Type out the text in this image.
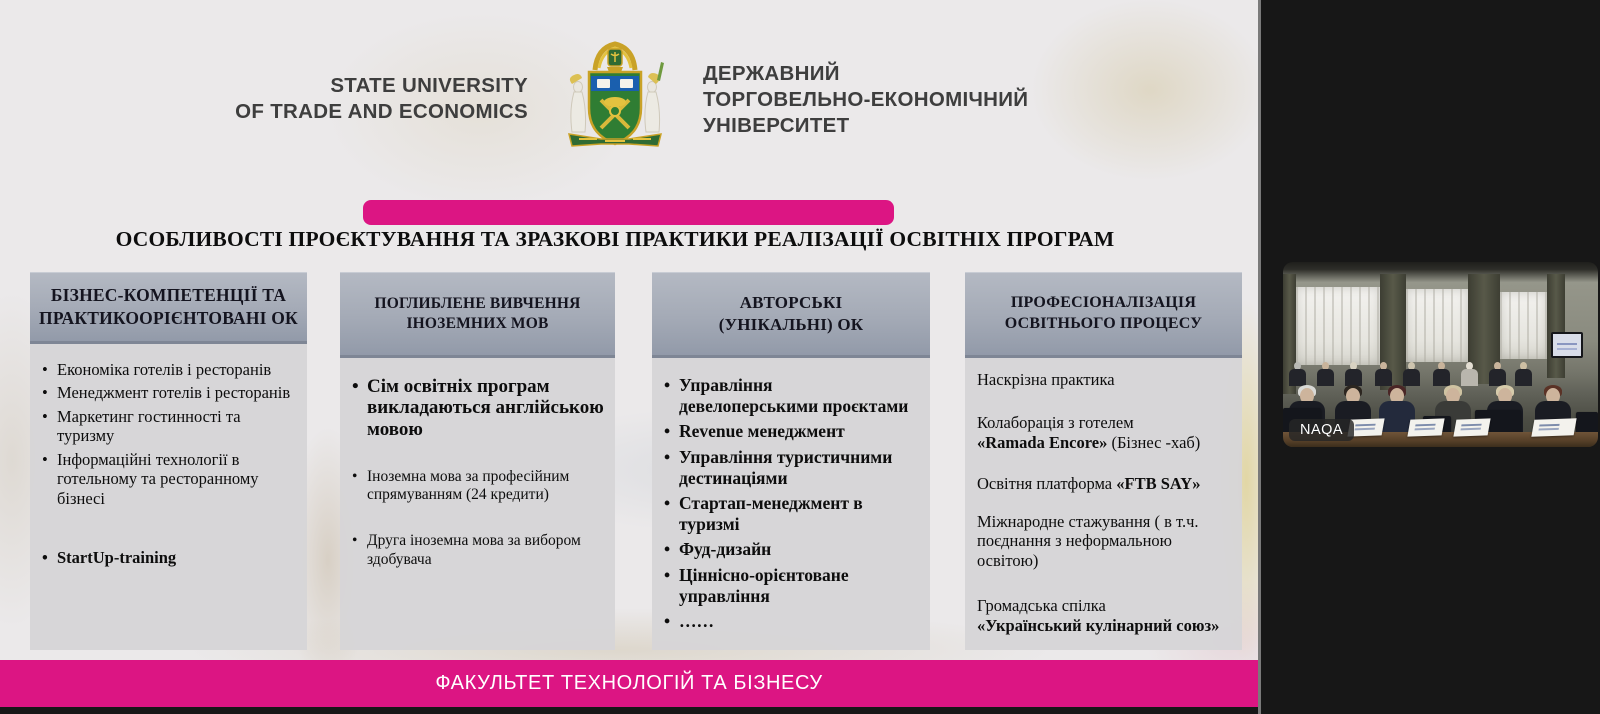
STATE UNIVERSITY
OF TRADE AND ECONOMICS
ДЕРЖАВНИЙ
ТОРГОВЕЛЬНО-ЕКОНОМІЧНИЙ
УНІВЕРСИТЕТ
ОСОБЛИВОСТІ ПРОЄКТУВАННЯ ТА ЗРАЗКОВІ ПРАКТИКИ РЕАЛІЗАЦІЇ ОСВІТНІХ ПРОГРАМ
БІЗНЕС-КОМПЕТЕНЦІЇ ТА
ПРАКТИКООРІЄНТОВАНІ ОК
• Економіка готелів і ресторанів
• Менеджмент готелів і ресторанів
• Маркетинг гостинності та туризму
• Інформаційні технології в готельному та ресторанному бізнесі
• StartUp-training
ПОГЛИБЛЕНЕ ВИВЧЕННЯ
ІНОЗЕМНИХ МОВ
• Сім освітніх програм викладаються англійською мовою
• Іноземна мова за професійним спрямуванням (24 кредити)
• Друга іноземна мова за вибором здобувача
АВТОРСЬКІ
(УНІКАЛЬНІ) ОК
• Управління
девелоперськими проєктами
• Revenue менеджмент
• Управління туристичними дестинаціями
• Стартап-менеджмент в туризмі
• Фуд-дизайн
• Ціннісно-орієнтоване управління
• ……
ПРОФЕСІОНАЛІЗАЦІЯ
ОСВІТНЬОГО ПРОЦЕСУ
Наскрізна практика
Колаборація з готелем
«Ramada Encore» (Бізнес -хаб)
Освітня платформа «FTB SAY»
Міжнародне стажування ( в т.ч. поєднання з неформальною освітою)
Громадська спілка
«Український кулінарний союз»
ФАКУЛЬТЕТ ТЕХНОЛОГІЙ ТА БІЗНЕСУ
NAQA
